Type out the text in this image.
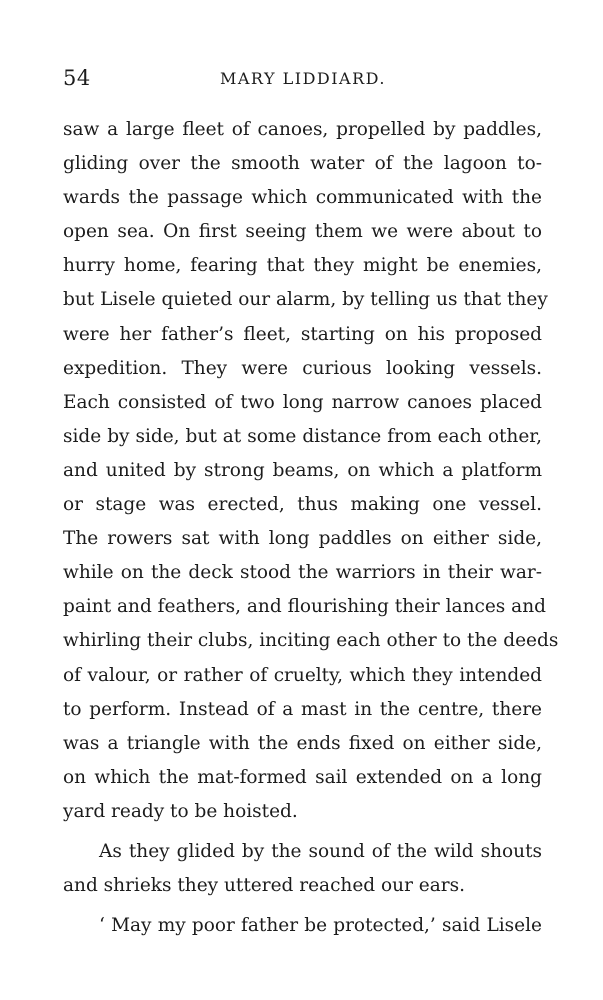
54	MARY LIDDIARD.
saw a large fleet of canoes, propelled by paddles,
gliding over the smooth water of the lagoon to-
wards the passage which communicated with the
open sea. On first seeing them we were about to
hurry home, fearing that they might be enemies,
but Lisele quieted our alarm, by telling us that they
were her father’s fleet, starting on his proposed
expedition. They were curious looking vessels.
Each consisted of two long narrow canoes placed
side by side, but at some distance from each other,
and united by strong beams, on which a platform
or stage was erected, thus making one vessel.
The rowers sat with long paddles on either side,
while on the deck stood the warriors in their war-
paint and feathers, and flourishing their lances and
whirling their clubs, inciting each other to the deeds
of valour, or rather of cruelty, which they intended
to perform. Instead of a mast in the centre, there
was a triangle with the ends fixed on either side,
on which the mat-formed sail extended on a long
yard ready to be hoisted.
As they glided by the sound of the wild shouts
and shrieks they uttered reached our ears.
‘ May my poor father be protected,’ said Lisele
